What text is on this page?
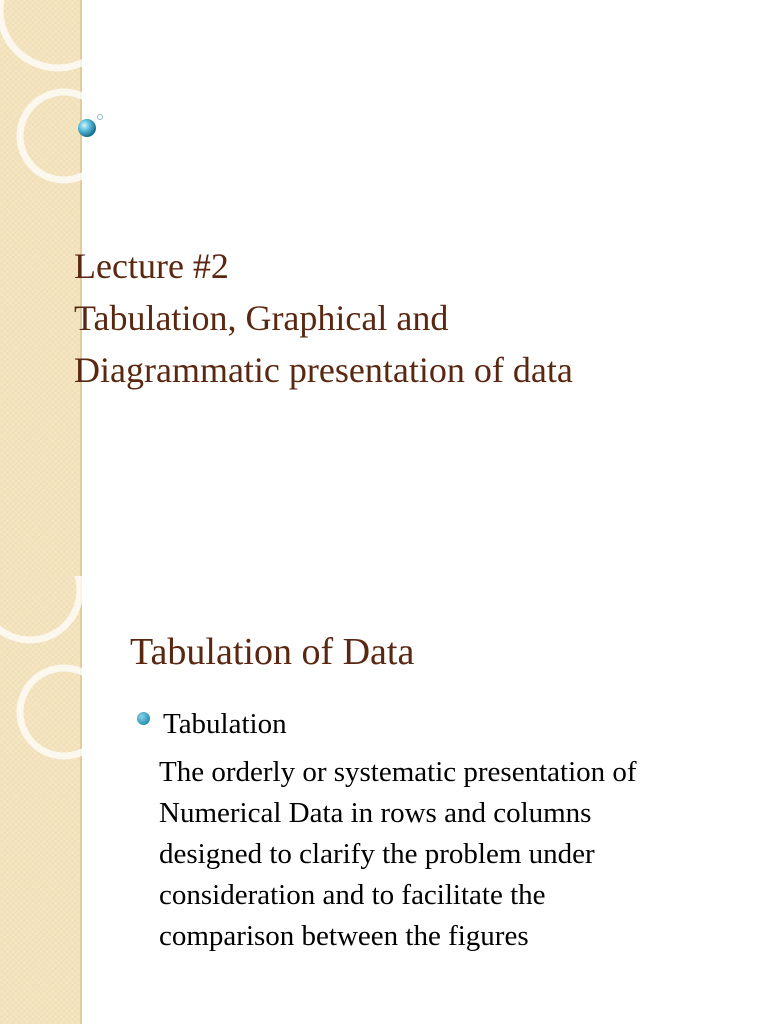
Lecture #2
Tabulation, Graphical and
Diagrammatic presentation of data
Tabulation of Data
Tabulation
The orderly or systematic presentation of
Numerical Data in rows and columns
designed to clarify the problem under
consideration and to facilitate the
comparison between the figures
